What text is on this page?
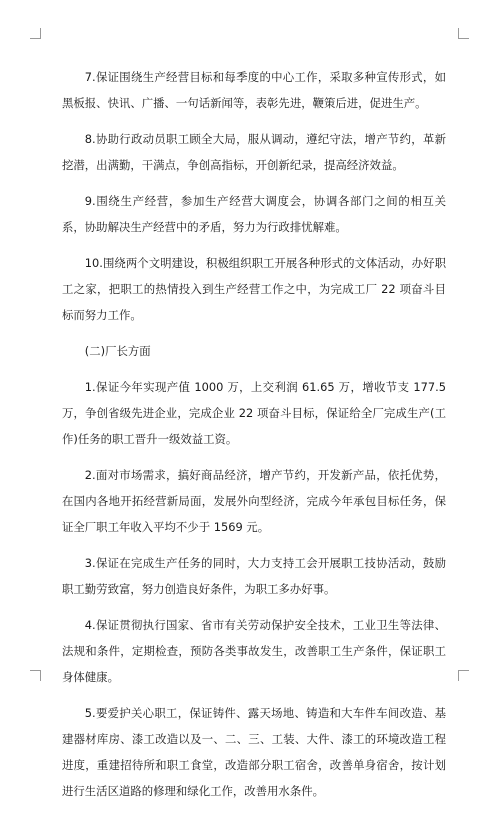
7.保证围绕生产经营目标和每季度的中心工作，采取多种宣传形式，如黑板报、快讯、广播、一句话新闻等，表彰先进，鞭策后进，促进生产。

8.协助行政动员职工顾全大局，服从调动，遵纪守法，增产节约，革新挖潜，出满勤，干满点，争创高指标，开创新纪录，提高经济效益。

9.围绕生产经营，参加生产经营大调度会，协调各部门之间的相互关系，协助解决生产经营中的矛盾，努力为行政排忧解难。

10.围绕两个文明建设，积极组织职工开展各种形式的文体活动，办好职工之家，把职工的热情投入到生产经营工作之中，为完成工厂 22 项奋斗目标而努力工作。

(二)厂长方面

1.保证今年实现产值 1000 万，上交利润 61.65 万，增收节支 177.5 万，争创省级先进企业，完成企业 22 项奋斗目标，保证给全厂完成生产(工作)任务的职工晋升一级效益工资。

2.面对市场需求，搞好商品经济，增产节约，开发新产品，依托优势，在国内各地开拓经营新局面，发展外向型经济，完成今年承包目标任务，保证全厂职工年收入平均不少于 1569 元。

3.保证在完成生产任务的同时，大力支持工会开展职工技协活动，鼓励职工勤劳致富，努力创造良好条件，为职工多办好事。

4.保证贯彻执行国家、省市有关劳动保护安全技术，工业卫生等法律、法规和条件，定期检查，预防各类事故发生，改善职工生产条件，保证职工身体健康。

5.要爱护关心职工，保证铸件、露天场地、铸造和大车件车间改造、基建器材库房、漆工改造以及一、二、三、工装、大件、漆工的环境改造工程进度，重建招待所和职工食堂，改造部分职工宿舍，改善单身宿舍，按计划进行生活区道路的修理和绿化工作，改善用水条件。
